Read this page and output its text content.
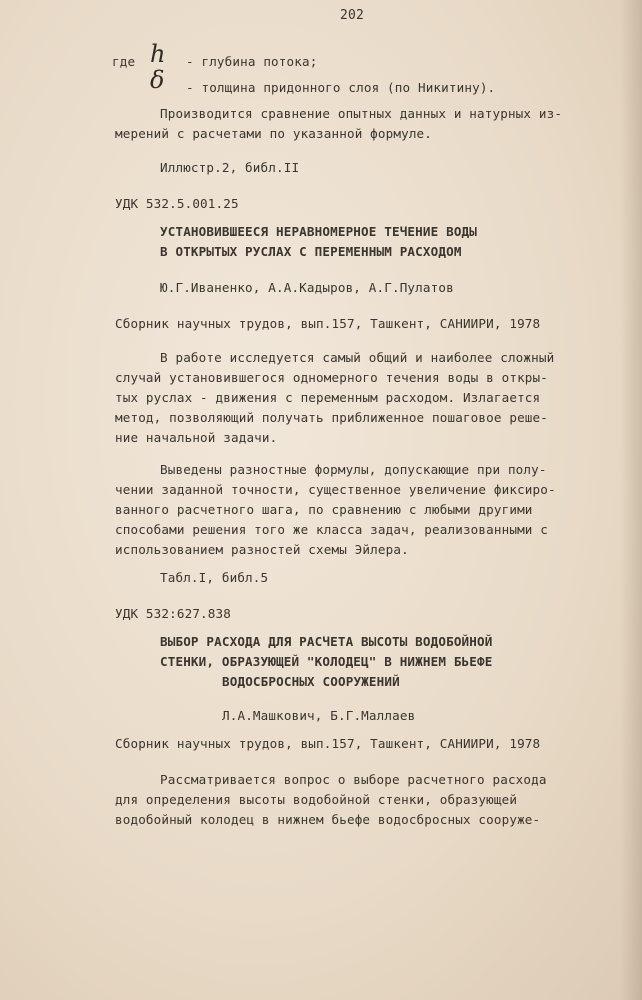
202
где h - глубина потока;
δ - толщина придонного слоя (по Никитину).
Производится сравнение опытных данных и натурных из-
мерений с расчетами по указанной формуле.
Иллюстр.2, библ.II
УДК 532.5.001.25
УСТАНОВИВШЕЕСЯ НЕРАВНОМЕРНОЕ ТЕЧЕНИЕ ВОДЫ
В ОТКРЫТЫХ РУСЛАХ С ПЕРЕМЕННЫМ РАСХОДОМ
Ю.Г.Иваненко, А.А.Кадыров, А.Г.Пулатов
Сборник научных трудов, вып.157, Ташкент, САНИИРИ, 1978
В работе исследуется самый общий и наиболее сложный
случай установившегося одномерного течения воды в откры-
тых руслах - движения с переменным расходом. Излагается
метод, позволяющий получать приближенное пошаговое реше-
ние начальной задачи.
Выведены разностные формулы, допускающие при полу-
чении заданной точности, существенное увеличение фиксиро-
ванного расчетного шага, по сравнению с любыми другими
способами решения того же класса задач, реализованными с
использованием разностей схемы Эйлера.
Табл.I, библ.5
УДК 532:627.838
ВЫБОР РАСХОДА ДЛЯ РАСЧЕТА ВЫСОТЫ ВОДОБОЙНОЙ
СТЕНКИ, ОБРАЗУЮЩЕЙ "КОЛОДЕЦ" В НИЖНЕМ БЬЕФЕ
ВОДОСБРОСНЫХ СООРУЖЕНИЙ
Л.А.Машкович, Б.Г.Маллаев
Сборник научных трудов, вып.157, Ташкент, САНИИРИ, 1978
Рассматривается вопрос о выборе расчетного расхода
для определения высоты водобойной стенки, образующей
водобойный колодец в нижнем бьефе водосбросных сооруже-
